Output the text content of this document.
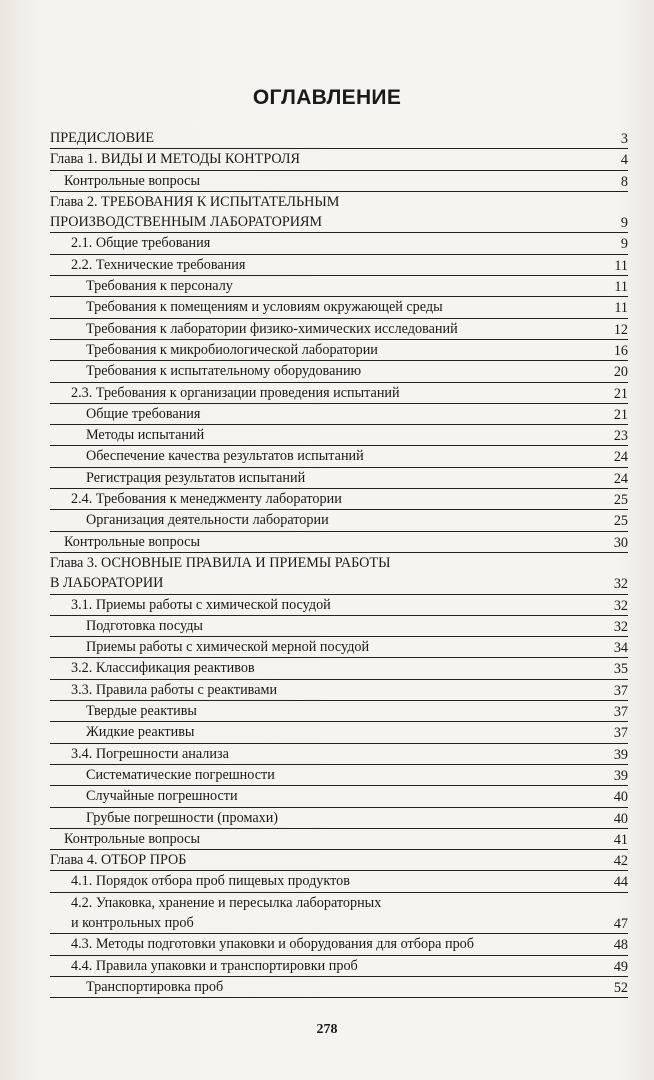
ОГЛАВЛЕНИЕ
ПРЕДИСЛОВИЕ	3
Глава 1. ВИДЫ И МЕТОДЫ КОНТРОЛЯ	4
Контрольные вопросы	8
Глава 2. ТРЕБОВАНИЯ К ИСПЫТАТЕЛЬНЫМ
ПРОИЗВОДСТВЕННЫМ ЛАБОРАТОРИЯМ	9
2.1. Общие требования	9
2.2. Технические требования	11
Требования к персоналу	11
Требования к помещениям и условиям окружающей среды	11
Требования к лаборатории физико-химических исследований	12
Требования к микробиологической лаборатории	16
Требования к испытательному оборудованию	20
2.3. Требования к организации проведения испытаний	21
Общие требования	21
Методы испытаний	23
Обеспечение качества результатов испытаний	24
Регистрация результатов испытаний	24
2.4. Требования к менеджменту лаборатории	25
Организация деятельности лаборатории	25
Контрольные вопросы	30
Глава 3. ОСНОВНЫЕ ПРАВИЛА И ПРИЕМЫ РАБОТЫ
В ЛАБОРАТОРИИ	32
3.1. Приемы работы с химической посудой	32
Подготовка посуды	32
Приемы работы с химической мерной посудой	34
3.2. Классификация реактивов	35
3.3. Правила работы с реактивами	37
Твердые реактивы	37
Жидкие реактивы	37
3.4. Погрешности анализа	39
Систематические погрешности	39
Случайные погрешности	40
Грубые погрешности (промахи)	40
Контрольные вопросы	41
Глава 4. ОТБОР ПРОБ	42
4.1. Порядок отбора проб пищевых продуктов	44
4.2. Упаковка, хранение и пересылка лабораторных
и контрольных проб	47
4.3. Методы подготовки упаковки и оборудования для отбора проб	48
4.4. Правила упаковки и транспортировки проб	49
Транспортировка проб	52
278
